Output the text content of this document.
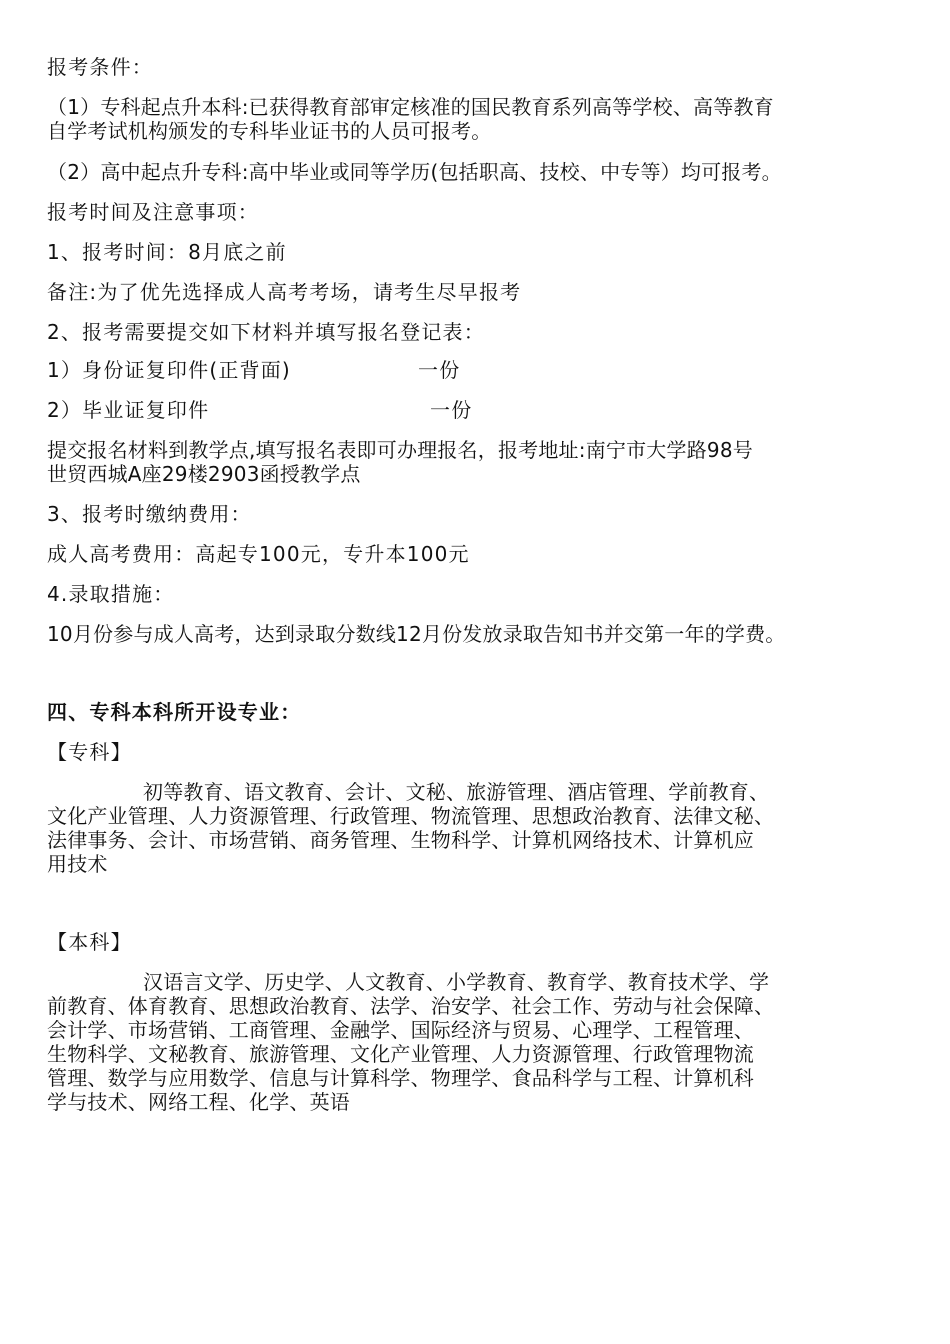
报考条件：

（1）专科起点升本科:已获得教育部审定核准的国民教育系列高等学校、高等教育

自学考试机构颁发的专科毕业证书的人员可报考。

（2）高中起点升专科:高中毕业或同等学历(包括职高、技校、中专等）均可报考。

报考时间及注意事项：

1、报考时间：8月底之前

备注:为了优先选择成人高考考场，请考生尽早报考

2、报考需要提交如下材料并填写报名登记表：

1）身份证复印件(正背面)	一份

2）毕业证复印件	一份

提交报名材料到教学点,填写报名表即可办理报名，报考地址:南宁市大学路98号

世贸西城A座29楼2903函授教学点

3、报考时缴纳费用：

成人高考费用：高起专100元，专升本100元

4.录取措施：

10月份参与成人高考，达到录取分数线12月份发放录取告知书并交第一年的学费。

四、专科本科所开设专业：

【专科】

初等教育、语文教育、会计、文秘、旅游管理、酒店管理、学前教育、

文化产业管理、人力资源管理、行政管理、物流管理、思想政治教育、法律文秘、

法律事务、会计、市场营销、商务管理、生物科学、计算机网络技术、计算机应

用技术

【本科】

汉语言文学、历史学、人文教育、小学教育、教育学、教育技术学、学

前教育、体育教育、思想政治教育、法学、治安学、社会工作、劳动与社会保障、

会计学、市场营销、工商管理、金融学、国际经济与贸易、心理学、工程管理、

生物科学、文秘教育、旅游管理、文化产业管理、人力资源管理、行政管理物流

管理、数学与应用数学、信息与计算科学、物理学、食品科学与工程、计算机科

学与技术、网络工程、化学、英语
